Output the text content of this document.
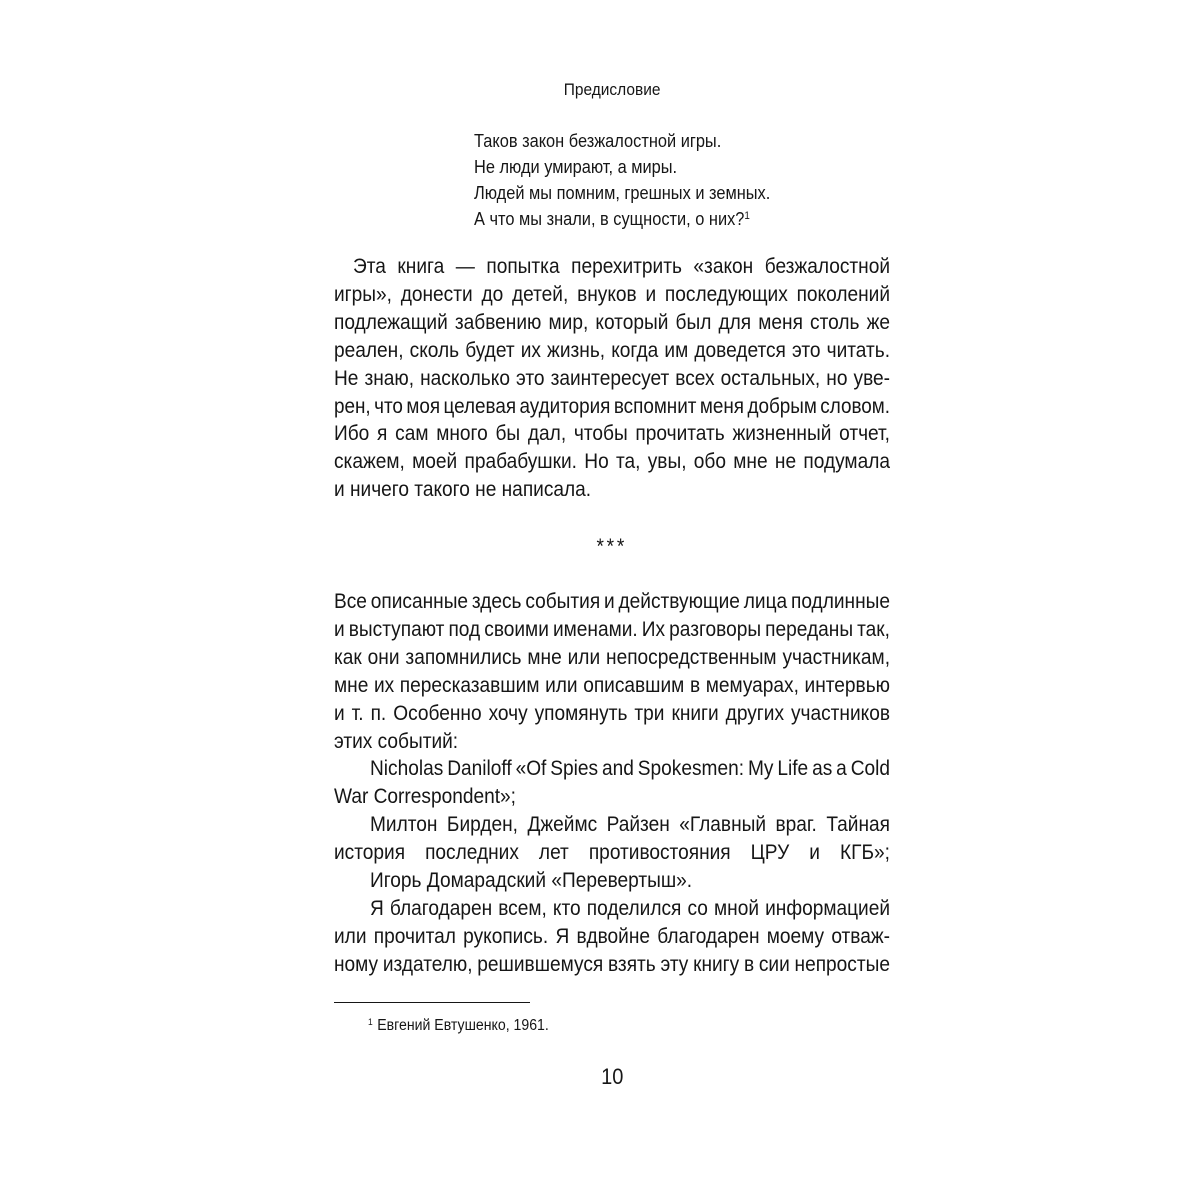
Предисловие
Таков закон безжалостной игры.
Не люди умирают, а миры.
Людей мы помним, грешных и земных.
А что мы знали, в сущности, о них?$^1$
Эта книга — попытка перехитрить «закон безжалостной
игры», донести до детей, внуков и последующих поколений
подлежащий забвению мир, который был для меня столь же
реален, сколь будет их жизнь, когда им доведется это читать.
Не знаю, насколько это заинтересует всех остальных, но уве-
рен, что моя целевая аудитория вспомнит меня добрым словом.
Ибо я сам много бы дал, чтобы прочитать жизненный отчет,
скажем, моей прабабушки. Но та, увы, обо мне не подумала
и ничего такого не написала.
***
Все описанные здесь события и действующие лица подлинные
и выступают под своими именами. Их разговоры переданы так,
как они запомнились мне или непосредственным участникам,
мне их пересказавшим или описавшим в мемуарах, интервью
и т. п. Особенно хочу упомянуть три книги других участников
этих событий:
Nicholas Daniloff «Of Spies and Spokesmen: My Life as a Cold
War Correspondent»;
Милтон Бирден, Джеймс Райзен «Главный враг. Тайная
история последних лет противостояния ЦРУ и КГБ»;
Игорь Домарадский «Перевертыш».
Я благодарен всем, кто поделился со мной информацией
или прочитал рукопись. Я вдвойне благодарен моему отваж-
ному издателю, решившемуся взять эту книгу в сии непростые
$^1$ Евгений Евтушенко, 1961.
10
